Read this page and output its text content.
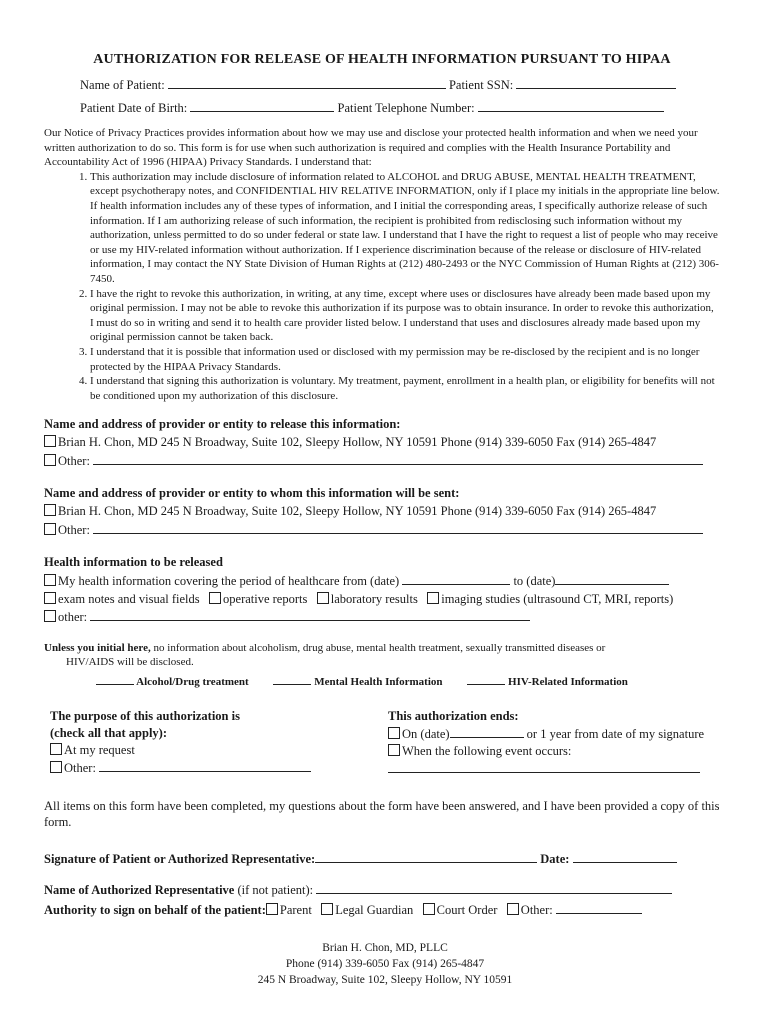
AUTHORIZATION FOR RELEASE OF HEALTH INFORMATION PURSUANT TO HIPAA
Name of Patient:	Patient SSN:
Patient Date of Birth:	Patient Telephone Number:

Our Notice of Privacy Practices provides information about how we may use and disclose your protected health information and when we need your written authorization to do so. This form is for use when such authorization is required and complies with the Health Insurance Portability and Accountability Act of 1996 (HIPAA) Privacy Standards. I understand that:

1. This authorization may include disclosure of information related to ALCOHOL and DRUG ABUSE, MENTAL HEALTH TREATMENT, except psychotherapy notes, and CONFIDENTIAL HIV RELATIVE INFORMATION, only if I place my initials in the appropriate line below. If health information includes any of these types of information, and I initial the corresponding areas, I specifically authorize release of such information. If I am authorizing release of such information, the recipient is prohibited from redisclosing such information without my authorization, unless permitted to do so under federal or state law. I understand that I have the right to request a list of people who may receive or use my HIV-related information without authorization. If I experience discrimination because of the release or disclosure of HIV-related information, I may contact the NY State Division of Human Rights at (212) 480-2493 or the NYC Commission of Human Rights at (212) 306-7450.
2. I have the right to revoke this authorization, in writing, at any time, except where uses or disclosures have already been made based upon my original permission. I may not be able to revoke this authorization if its purpose was to obtain insurance. In order to revoke this authorization, I must do so in writing and send it to health care provider listed below. I understand that uses and disclosures already made based upon my original permission cannot be taken back.
3. I understand that it is possible that information used or disclosed with my permission may be re-disclosed by the recipient and is no longer protected by the HIPAA Privacy Standards.
4. I understand that signing this authorization is voluntary. My treatment, payment, enrollment in a health plan, or eligibility for benefits will not be conditioned upon my authorization of this disclosure.
Name and address of provider or entity to release this information:
Brian H. Chon, MD 245 N Broadway, Suite 102, Sleepy Hollow, NY 10591 Phone (914) 339-6050 Fax (914) 265-4847
Other:
Name and address of provider or entity to whom this information will be sent:
Brian H. Chon, MD 245 N Broadway, Suite 102, Sleepy Hollow, NY 10591 Phone (914) 339-6050 Fax (914) 265-4847
Other:
Health information to be released
My health information covering the period of healthcare from (date)	to (date)
exam notes and visual fields operative reports laboratory results imaging studies (ultrasound CT, MRI, reports)
other:
Unless you initial here, no information about alcoholism, drug abuse, mental health treatment, sexually transmitted diseases or
HIV/AIDS will be disclosed.
Alcohol/Drug treatment	Mental Health Information	HIV-Related Information
The purpose of this authorization is
(check all that apply):
At my request
Other:
This authorization ends:
On (date)	or 1 year from date of my signature
When the following event occurs:
All items on this form have been completed, my questions about the form have been answered, and I have been provided a copy of this form.
Signature of Patient or Authorized Representative:	Date:
Name of Authorized Representative (if not patient):
Authority to sign on behalf of the patient: Parent Legal Guardian Court Order Other:
Brian H. Chon, MD, PLLC
Phone (914) 339-6050 Fax (914) 265-4847
245 N Broadway, Suite 102, Sleepy Hollow, NY 10591
